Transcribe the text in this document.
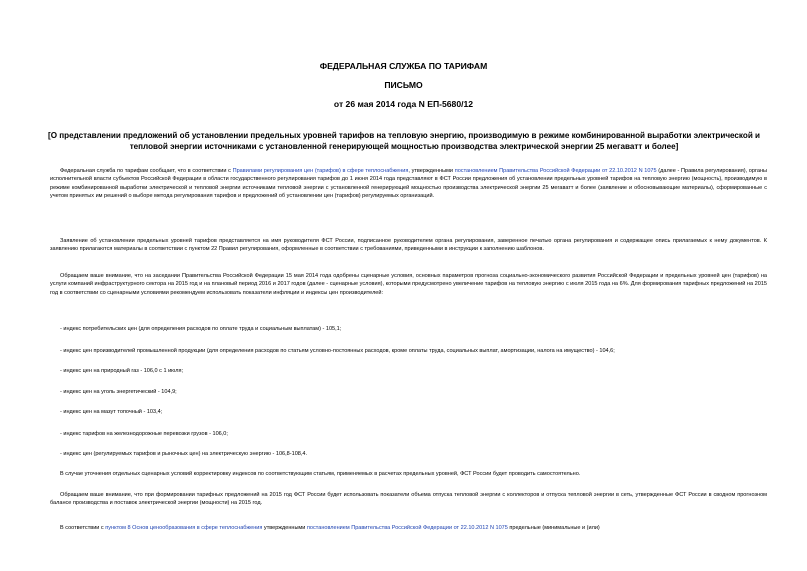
ФЕДЕРАЛЬНАЯ СЛУЖБА ПО ТАРИФАМ
ПИСЬМО
от 26 мая 2014 года N ЕП-5680/12
[О представлении предложений об установлении предельных уровней тарифов на тепловую энергию, производимую в режиме комбинированной выработки электрической и тепловой энергии источниками с установленной генерирующей мощностью производства электрической энергии 25 мегаватт и более]
Федеральная служба по тарифам сообщает, что в соответствии с Правилами регулирования цен (тарифов) в сфере теплоснабжения, утвержденными постановлением Правительства Российской Федерации от 22.10.2012 N 1075 (далее - Правила регулирования), органы исполнительной власти субъектов Российской Федерации в области государственного регулирования тарифов до 1 июня 2014 года представляют в ФСТ России предложения об установлении предельных уровней тарифов на тепловую энергию (мощность), производимую в режиме комбинированной выработки электрической и тепловой энергии источниками тепловой энергии с установленной генерирующей мощностью производства электрической энергии 25 мегаватт и более (заявление и обосновывающие материалы), сформированные с учетом принятых им решений о выборе метода регулирования тарифов и предложений об установлении цен (тарифов) регулируемых организаций.
Заявление об установлении предельных уровней тарифов представляется на имя руководителя ФСТ России, подписанное руководителем органа регулирования, заверенное печатью органа регулирования и содержащее опись прилагаемых к нему документов. К заявлению прилагаются материалы в соответствии с пунктом 22 Правил регулирования, оформленные в соответствии с требованиями, приведенными в инструкции к заполнению шаблонов.
Обращаем ваше внимание, что на заседании Правительства Российской Федерации 15 мая 2014 года одобрены сценарные условия, основных параметров прогноза социально-экономического развития Российской Федерации и предельных уровней цен (тарифов) на услуги компаний инфраструктурного сектора на 2015 год и на плановый период 2016 и 2017 годов (далее - сценарные условия), которыми предусмотрено увеличение тарифов на тепловую энергию с июля 2015 года на 6%. Для формирования тарифных предложений на 2015 год в соответствии со сценарными условиями рекомендуем использовать показатели инфляции и индексы цен производителей:
- индекс потребительских цен (для определения расходов по оплате труда и социальным выплатам) - 105,1;
- индекс цен производителей промышленной продукции (для определения расходов по статьям условно-постоянных расходов, кроме оплаты труда, социальных выплат, амортизации, налога на имущество) - 104,6;
- индекс цен на природный газ - 106,0 с 1 июля;
- индекс цен на уголь энергетический - 104,9;
- индекс цен на мазут топочный - 103,4;
- индекс тарифов на железнодорожные перевозки грузов - 106,0;
- индекс цен (регулируемых тарифов и рыночных цен) на электрическую энергию - 106,8-108,4.
В случае уточнения отдельных сценарных условий корректировку индексов по соответствующим статьям, применяемых в расчетах предельных уровней, ФСТ России будет проводить самостоятельно.
Обращаем ваше внимание, что при формировании тарифных предложений на 2015 год ФСТ России будет использовать показатели объема отпуска тепловой энергии с коллекторов и отпуска тепловой энергии в сеть, утвержденные ФСТ России в сводном прогнозном балансе производства и поставок электрической энергии (мощности) на 2015 год.
В соответствии с пунктом 8 Основ ценообразования в сфере теплоснабжения утвержденными постановлением Правительства Российской Федерации от 22.10.2012 N 1075 предельные (минимальные и (или)
